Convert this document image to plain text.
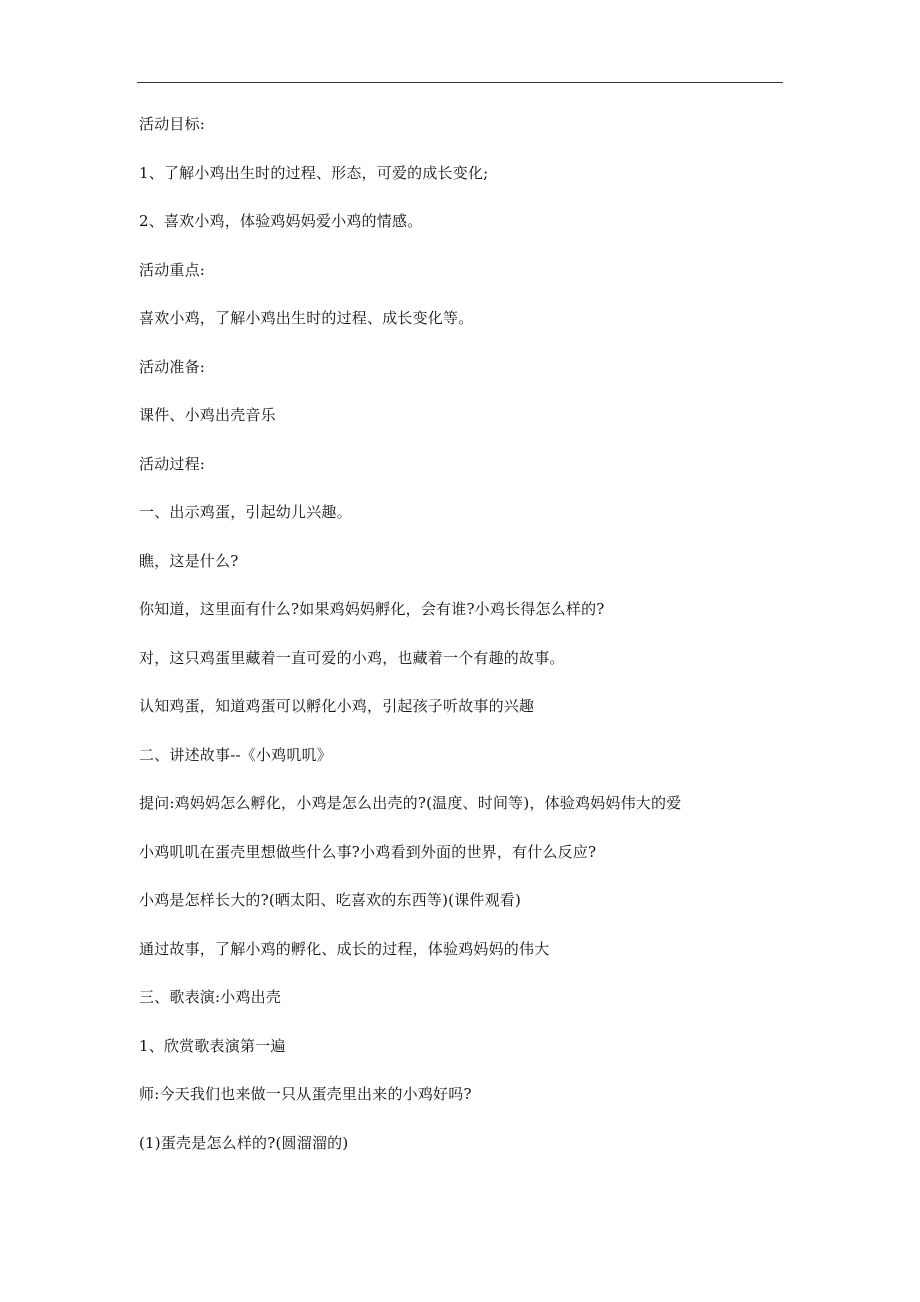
活动目标:
1、了解小鸡出生时的过程、形态，可爱的成长变化;
2、喜欢小鸡，体验鸡妈妈爱小鸡的情感。
活动重点:
喜欢小鸡，了解小鸡出生时的过程、成长变化等。
活动准备:
课件、小鸡出壳音乐
活动过程:
一、出示鸡蛋，引起幼儿兴趣。
瞧，这是什么?
你知道，这里面有什么?如果鸡妈妈孵化，会有谁?小鸡长得怎么样的?
对，这只鸡蛋里藏着一直可爱的小鸡，也藏着一个有趣的故事。
认知鸡蛋，知道鸡蛋可以孵化小鸡，引起孩子听故事的兴趣
二、讲述故事--《小鸡叽叽》
提问:鸡妈妈怎么孵化，小鸡是怎么出壳的?(温度、时间等)，体验鸡妈妈伟大的爱
小鸡叽叽在蛋壳里想做些什么事?小鸡看到外面的世界，有什么反应?
小鸡是怎样长大的?(晒太阳、吃喜欢的东西等)(课件观看)
通过故事，了解小鸡的孵化、成长的过程，体验鸡妈妈的伟大
三、歌表演:小鸡出壳
1、欣赏歌表演第一遍
师:今天我们也来做一只从蛋壳里出来的小鸡好吗?
(1)蛋壳是怎么样的?(圆溜溜的)
